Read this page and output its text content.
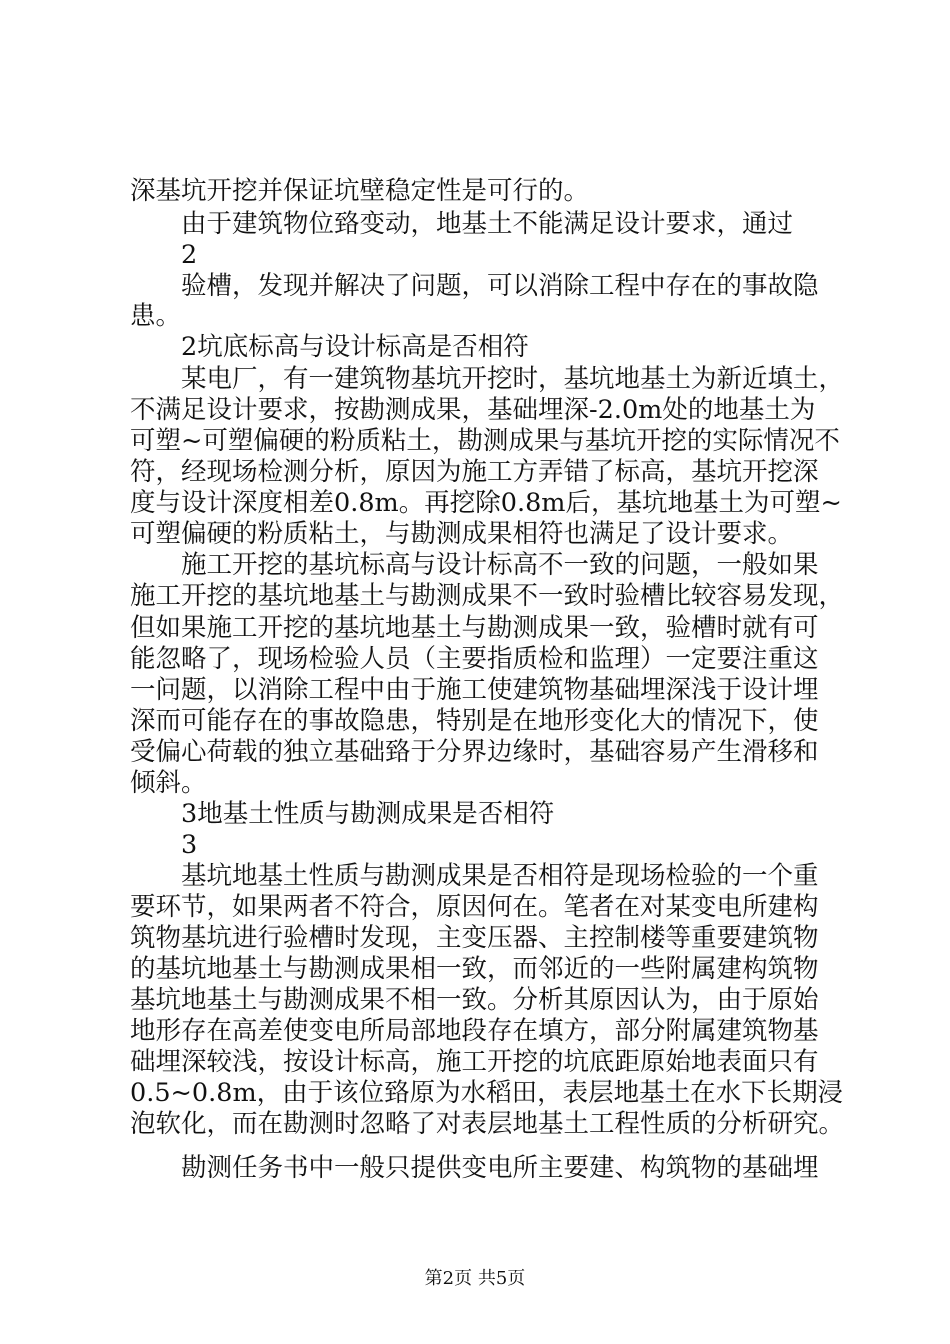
深基坑开挖并保证坑壁稳定性是可行的。
　　由于建筑物位臵变动，地基土不能满足设计要求，通过
　　2
　　验槽，发现并解决了问题，可以消除工程中存在的事故隐
患。
　　2坑底标高与设计标高是否相符
　　某电厂，有一建筑物基坑开挖时，基坑地基土为新近填土，
不满足设计要求，按勘测成果，基础埋深-2.0m处的地基土为
可塑~可塑偏硬的粉质粘土，勘测成果与基坑开挖的实际情况不
符，经现场检测分析，原因为施工方弄错了标高，基坑开挖深
度与设计深度相差0.8m。再挖除0.8m后，基坑地基土为可塑~
可塑偏硬的粉质粘土，与勘测成果相符也满足了设计要求。
　　施工开挖的基坑标高与设计标高不一致的问题，一般如果
施工开挖的基坑地基土与勘测成果不一致时验槽比较容易发现，
但如果施工开挖的基坑地基土与勘测成果一致，验槽时就有可
能忽略了，现场检验人员（主要指质检和监理）一定要注重这
一问题，以消除工程中由于施工使建筑物基础埋深浅于设计埋
深而可能存在的事故隐患，特别是在地形变化大的情况下，使
受偏心荷载的独立基础臵于分界边缘时，基础容易产生滑移和
倾斜。
　　3地基土性质与勘测成果是否相符
　　3
　　基坑地基土性质与勘测成果是否相符是现场检验的一个重
要环节，如果两者不符合，原因何在。笔者在对某变电所建构
筑物基坑进行验槽时发现，主变压器、主控制楼等重要建筑物
的基坑地基土与勘测成果相一致，而邻近的一些附属建构筑物
基坑地基土与勘测成果不相一致。分析其原因认为，由于原始
地形存在高差使变电所局部地段存在填方，部分附属建筑物基
础埋深较浅，按设计标高，施工开挖的坑底距原始地表面只有
0.5~0.8m，由于该位臵原为水稻田，表层地基土在水下长期浸
泡软化，而在勘测时忽略了对表层地基土工程性质的分析研究。
　　勘测任务书中一般只提供变电所主要建、构筑物的基础埋
第2页 共5页
